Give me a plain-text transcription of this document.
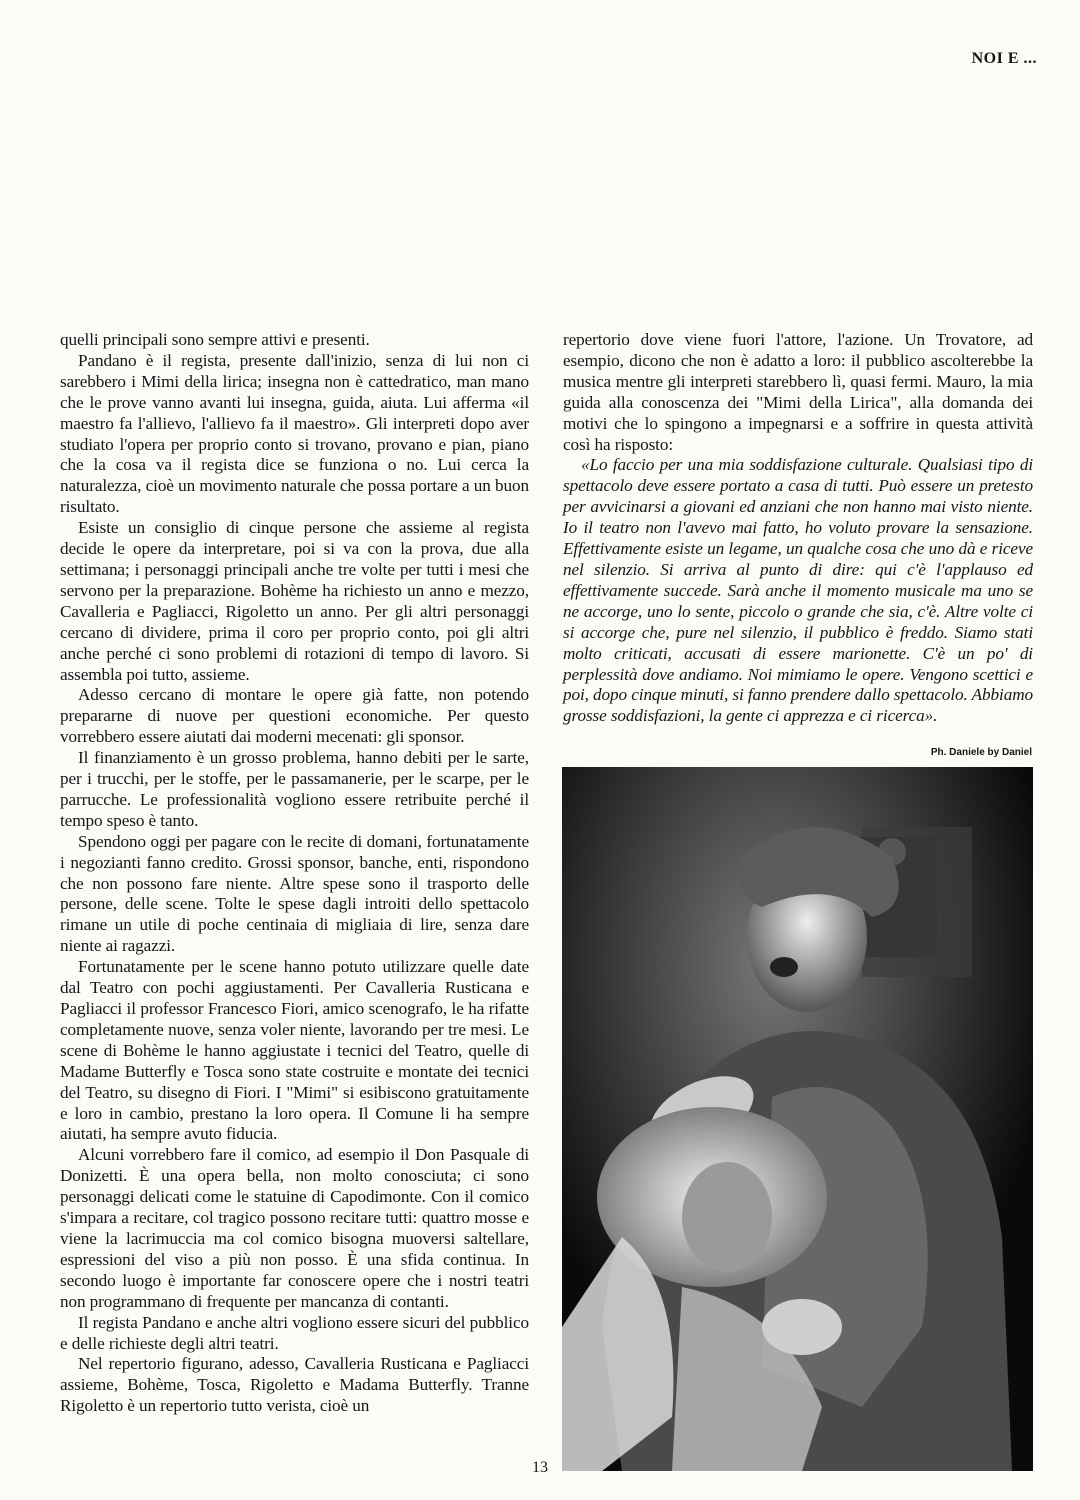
NOI E ...

quelli principali sono sempre attivi e presenti.

Pandano è il regista, presente dall'inizio, senza di lui non ci sarebbero i Mimi della lirica; insegna non è cattedratico, man mano che le prove vanno avanti lui insegna, guida, aiuta. Lui afferma «il maestro fa l'allievo, l'allievo fa il maestro». Gli interpreti dopo aver studiato l'opera per proprio conto si trovano, provano e pian, piano che la cosa va il regista dice se funziona o no. Lui cerca la naturalezza, cioè un movimento naturale che possa portare a un buon risultato.

Esiste un consiglio di cinque persone che assieme al regista decide le opere da interpretare, poi si va con la prova, due alla settimana; i personaggi principali anche tre volte per tutti i mesi che servono per la preparazione. Bohème ha richiesto un anno e mezzo, Cavalleria e Pagliacci, Rigoletto un anno. Per gli altri personaggi cercano di dividere, prima il coro per proprio conto, poi gli altri anche perché ci sono problemi di rotazioni di tempo di lavoro. Si assembla poi tutto, assieme.

Adesso cercano di montare le opere già fatte, non potendo prepararne di nuove per questioni economiche. Per questo vorrebbero essere aiutati dai moderni mecenati: gli sponsor.

Il finanziamento è un grosso problema, hanno debiti per le sarte, per i trucchi, per le stoffe, per le passamanerie, per le scarpe, per le parrucche. Le professionalità vogliono essere retribuite perché il tempo speso è tanto.

Spendono oggi per pagare con le recite di domani, fortunatamente i negozianti fanno credito. Grossi sponsor, banche, enti, rispondono che non possono fare niente. Altre spese sono il trasporto delle persone, delle scene. Tolte le spese dagli introiti dello spettacolo rimane un utile di poche centinaia di migliaia di lire, senza dare niente ai ragazzi.

Fortunatamente per le scene hanno potuto utilizzare quelle date dal Teatro con pochi aggiustamenti. Per Cavalleria Rusticana e Pagliacci il professor Francesco Fiori, amico scenografo, le ha rifatte completamente nuove, senza voler niente, lavorando per tre mesi. Le scene di Bohème le hanno aggiustate i tecnici del Teatro, quelle di Madame Butterfly e Tosca sono state costruite e montate dei tecnici del Teatro, su disegno di Fiori. I "Mimi" si esibiscono gratuitamente e loro in cambio, prestano la loro opera. Il Comune li ha sempre aiutati, ha sempre avuto fiducia.

Alcuni vorrebbero fare il comico, ad esempio il Don Pasquale di Donizetti. È una opera bella, non molto conosciuta; ci sono personaggi delicati come le statuine di Capodimonte. Con il comico s'impara a recitare, col tragico possono recitare tutti: quattro mosse e viene la lacrimuccia ma col comico bisogna muoversi saltellare, espressioni del viso a più non posso. È una sfida continua. In secondo luogo è importante far conoscere opere che i nostri teatri non programmano di frequente per mancanza di contanti.

Il regista Pandano e anche altri vogliono essere sicuri del pubblico e delle richieste degli altri teatri.

Nel repertorio figurano, adesso, Cavalleria Rusticana e Pagliacci assieme, Bohème, Tosca, Rigoletto e Madama Butterfly. Tranne Rigoletto è un repertorio tutto verista, cioè un

repertorio dove viene fuori l'attore, l'azione. Un Trovatore, ad esempio, dicono che non è adatto a loro: il pubblico ascolterebbe la musica mentre gli interpreti starebbero lì, quasi fermi. Mauro, la mia guida alla conoscenza dei "Mimi della Lirica", alla domanda dei motivi che lo spingono a impegnarsi e a soffrire in questa attività così ha risposto:

«Lo faccio per una mia soddisfazione culturale. Qualsiasi tipo di spettacolo deve essere portato a casa di tutti. Può essere un pretesto per avvicinarsi a giovani ed anziani che non hanno mai visto niente. Io il teatro non l'avevo mai fatto, ho voluto provare la sensazione. Effettivamente esiste un legame, un qualche cosa che uno dà e riceve nel silenzio. Si arriva al punto di dire: qui c'è l'applauso ed effettivamente succede. Sarà anche il momento musicale ma uno se ne accorge, uno lo sente, piccolo o grande che sia, c'è. Altre volte ci si accorge che, pure nel silenzio, il pubblico è freddo. Siamo stati molto criticati, accusati di essere marionette. C'è un po' di perplessità dove andiamo. Noi mimiamo le opere. Vengono scettici e poi, dopo cinque minuti, si fanno prendere dallo spettacolo. Abbiamo grosse soddisfazioni, la gente ci apprezza e ci ricerca».

Ph. Daniele by Daniel
13
